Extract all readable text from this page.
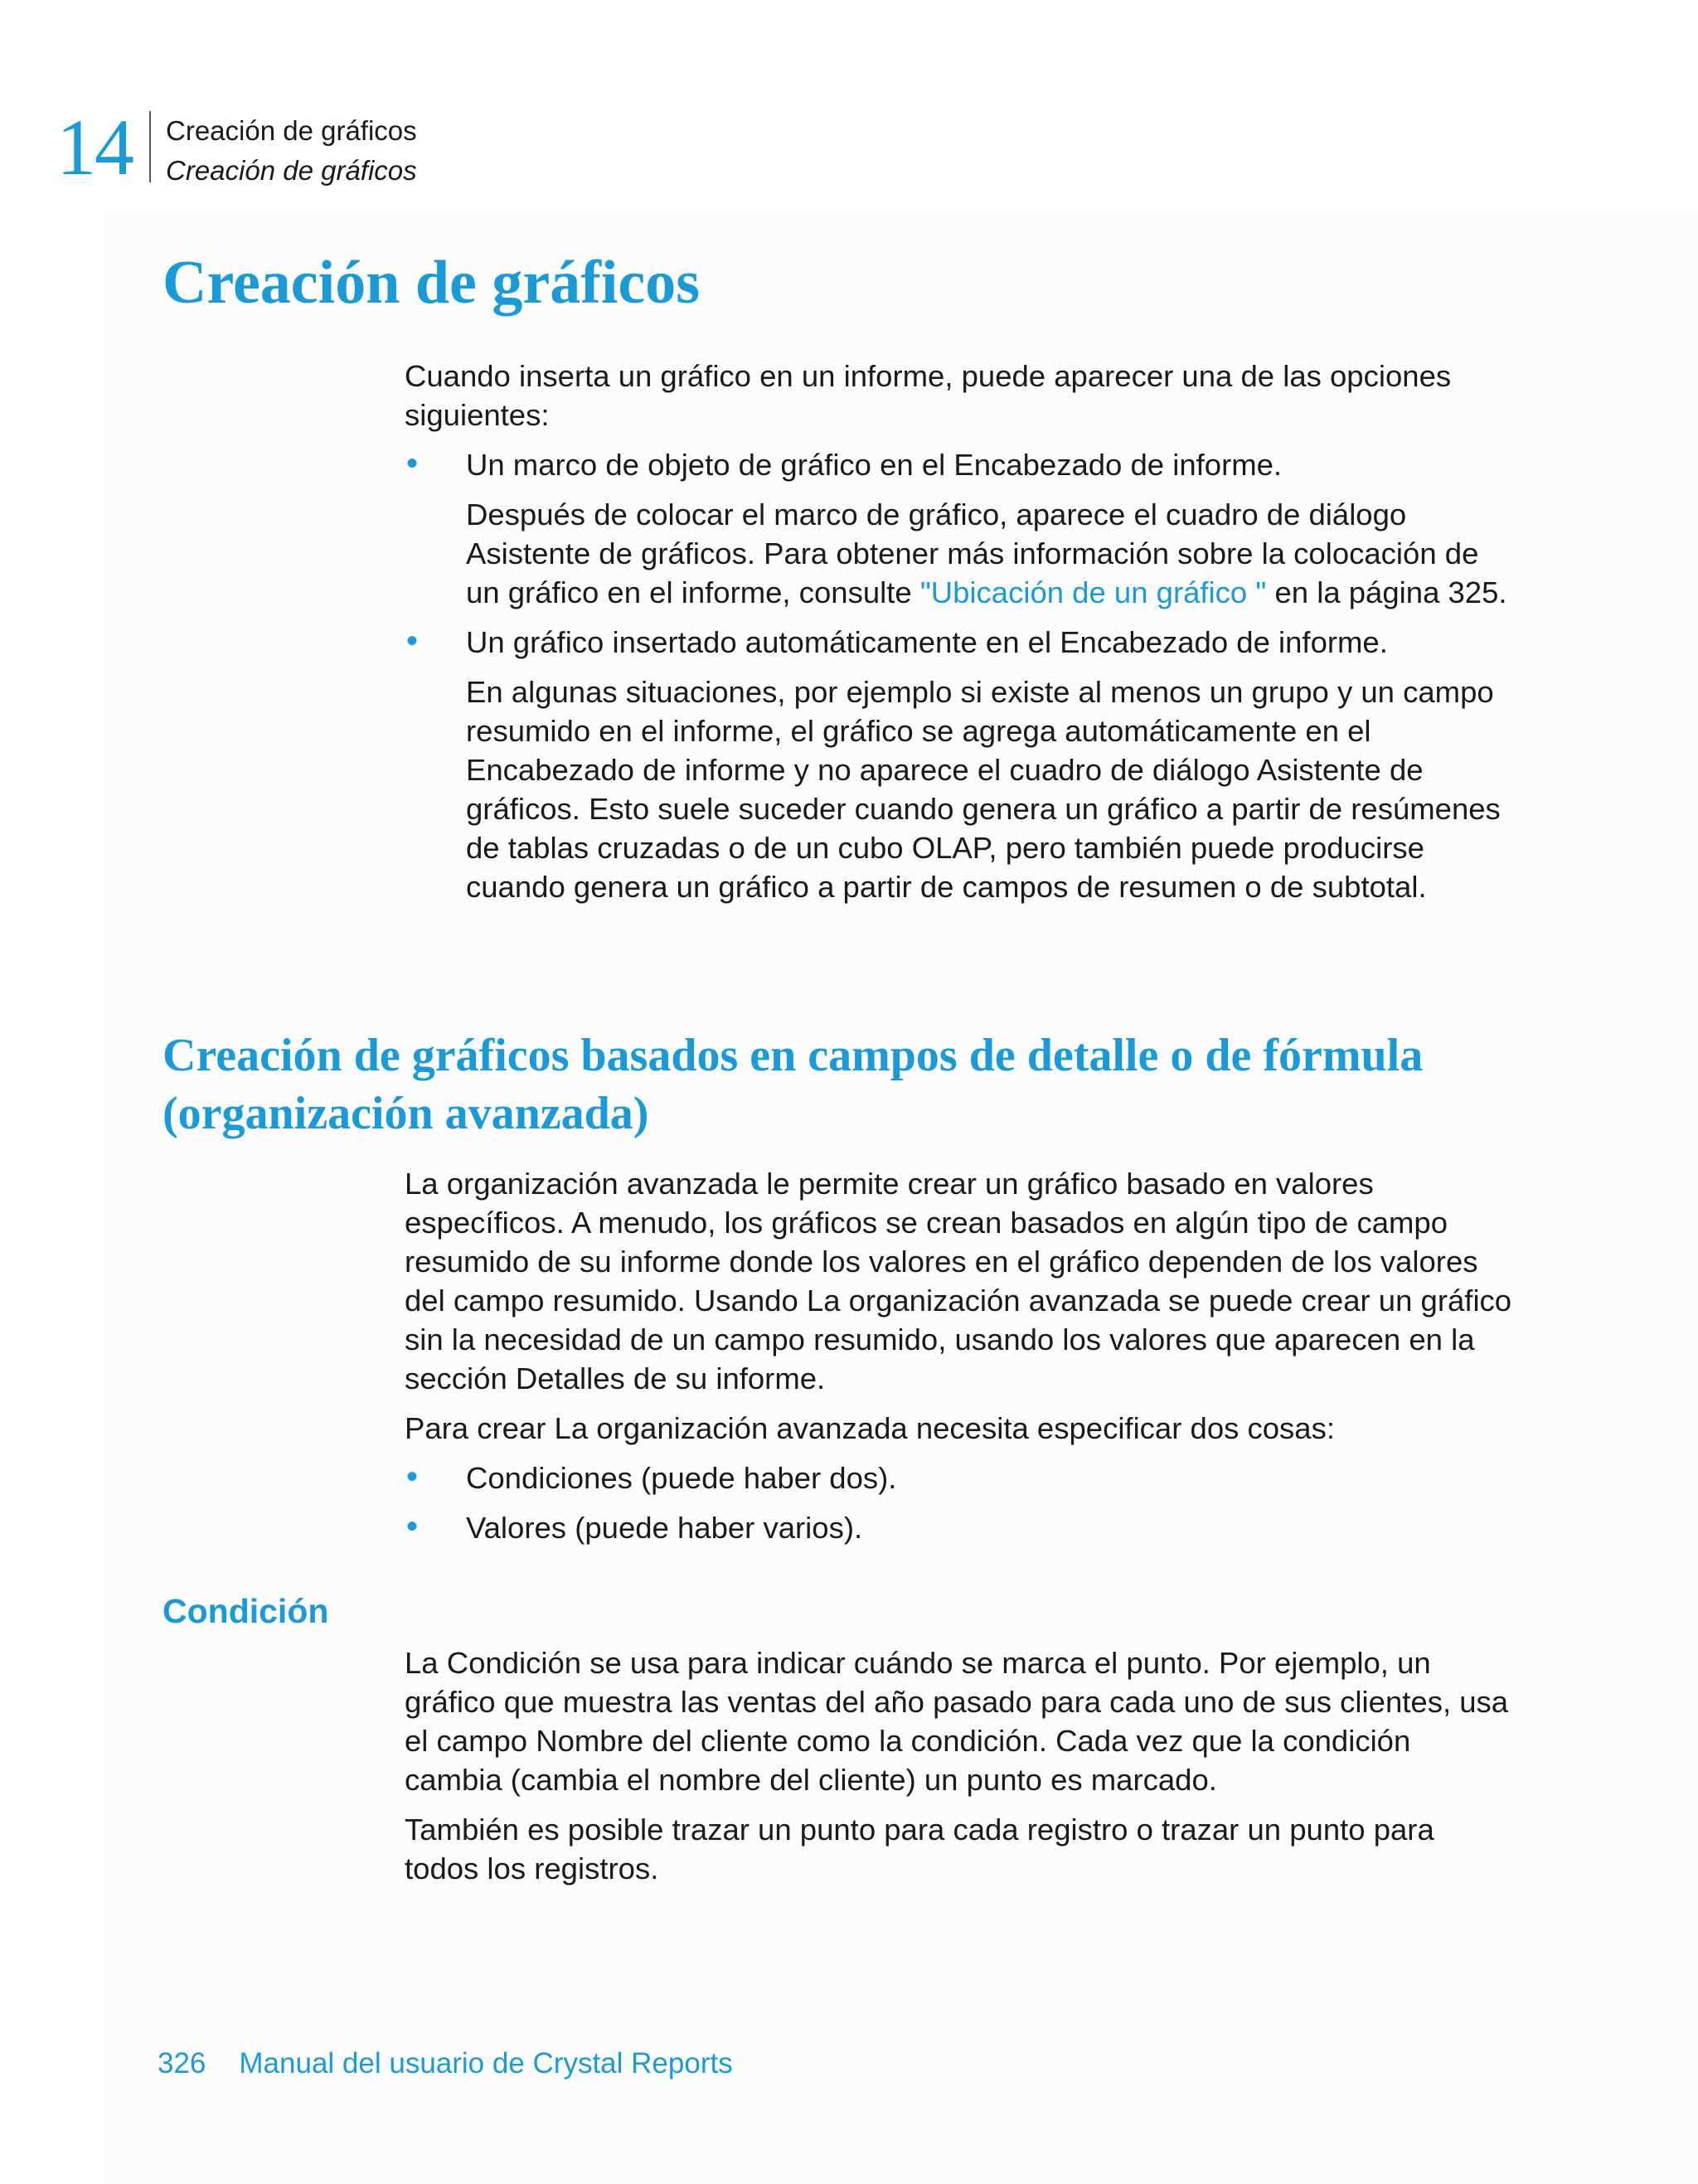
14 Creación de gráficos
Creación de gráficos
Creación de gráficos

Cuando inserta un gráfico en un informe, puede aparecer una de las opciones siguientes:

• Un marco de objeto de gráfico en el Encabezado de informe.

Después de colocar el marco de gráfico, aparece el cuadro de diálogo Asistente de gráficos. Para obtener más información sobre la colocación de un gráfico en el informe, consulte "Ubicación de un gráfico " en la página 325.

• Un gráfico insertado automáticamente en el Encabezado de informe.

En algunas situaciones, por ejemplo si existe al menos un grupo y un campo resumido en el informe, el gráfico se agrega automáticamente en el Encabezado de informe y no aparece el cuadro de diálogo Asistente de gráficos. Esto suele suceder cuando genera un gráfico a partir de resúmenes de tablas cruzadas o de un cubo OLAP, pero también puede producirse cuando genera un gráfico a partir de campos de resumen o de subtotal.

Creación de gráficos basados en campos de detalle o de fórmula (organización avanzada)

La organización avanzada le permite crear un gráfico basado en valores específicos. A menudo, los gráficos se crean basados en algún tipo de campo resumido de su informe donde los valores en el gráfico dependen de los valores del campo resumido. Usando La organización avanzada se puede crear un gráfico sin la necesidad de un campo resumido, usando los valores que aparecen en la sección Detalles de su informe.

Para crear La organización avanzada necesita especificar dos cosas:

• Condiciones (puede haber dos).
• Valores (puede haber varios).
Condición

La Condición se usa para indicar cuándo se marca el punto. Por ejemplo, un gráfico que muestra las ventas del año pasado para cada uno de sus clientes, usa el campo Nombre del cliente como la condición. Cada vez que la condición cambia (cambia el nombre del cliente) un punto es marcado.

También es posible trazar un punto para cada registro o trazar un punto para todos los registros.

326 Manual del usuario de Crystal Reports
